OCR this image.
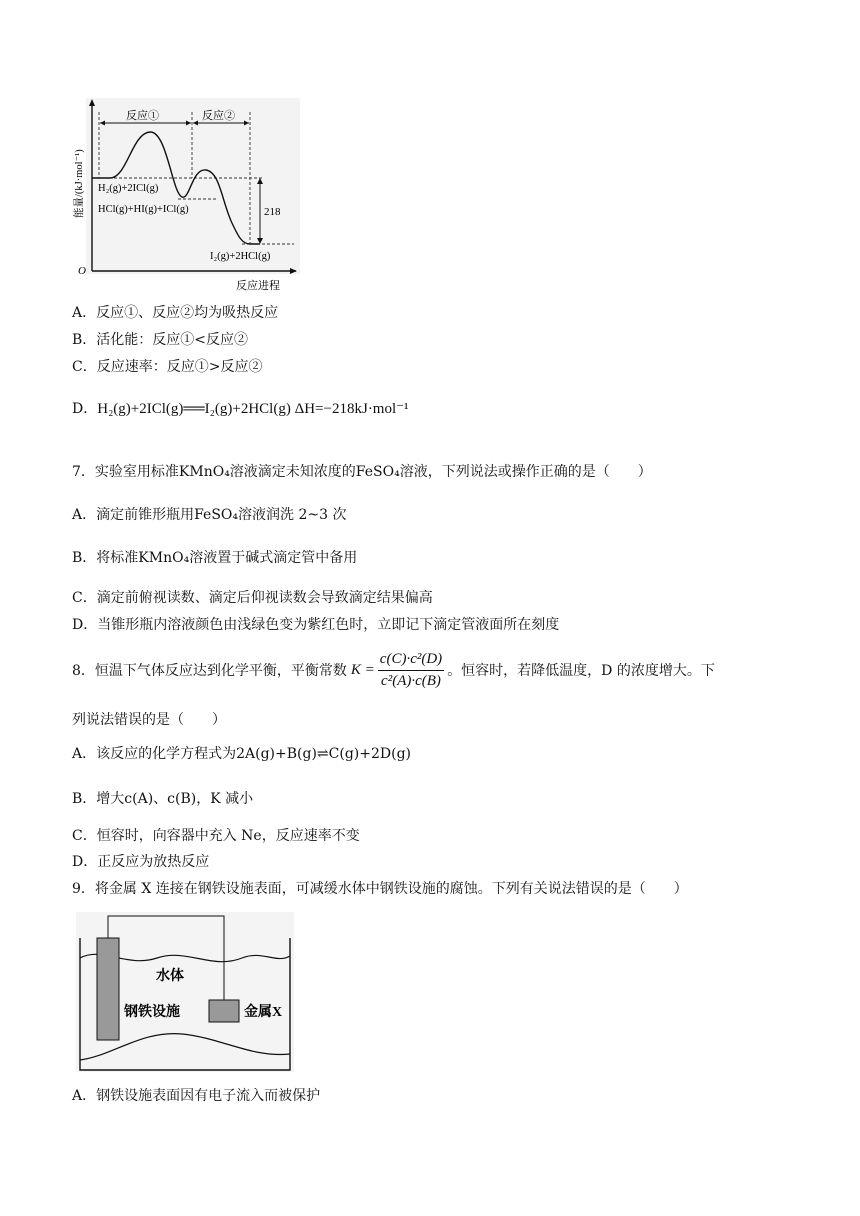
反应①	反应②
218
H₂(g)+2ICl(g)
HCl(g)+HI(g)+ICl(g)
I₂(g)+2HCl(g)
能量/(kJ·mol⁻¹)
O
反应进程
A．反应①、反应②均为吸热反应
B．活化能：反应①<反应②
C．反应速率：反应①>反应②
D．H₂(g)+2ICl(g)══I₂(g)+2HCl(g) ΔH=−218kJ·mol⁻¹
7．实验室用标准KMnO₄溶液滴定未知浓度的FeSO₄溶液，下列说法或操作正确的是（　　）
A．滴定前锥形瓶用FeSO₄溶液润洗 2~3 次
B．将标准KMnO₄溶液置于碱式滴定管中备用
C．滴定前俯视读数、滴定后仰视读数会导致滴定结果偏高
D．当锥形瓶内溶液颜色由浅绿色变为紫红色时，立即记下滴定管液面所在刻度
8．恒温下气体反应达到化学平衡，平衡常数 $K = \frac{\text{c(C)·c²(D)}}{\text{c²(A)·c(B)}}$ 。恒容时，若降低温度，D 的浓度增大。下
列说法错误的是（　　）
A．该反应的化学方程式为2A(g)+B(g)⇌C(g)+2D(g)
B．增大c(A)、c(B)，K 减小
C．恒容时，向容器中充入 Ne，反应速率不变
D．正反应为放热反应
9．将金属 X 连接在钢铁设施表面，可减缓水体中钢铁设施的腐蚀。下列有关说法错误的是（　　）
水体
钢铁设施	金属X
A．钢铁设施表面因有电子流入而被保护
